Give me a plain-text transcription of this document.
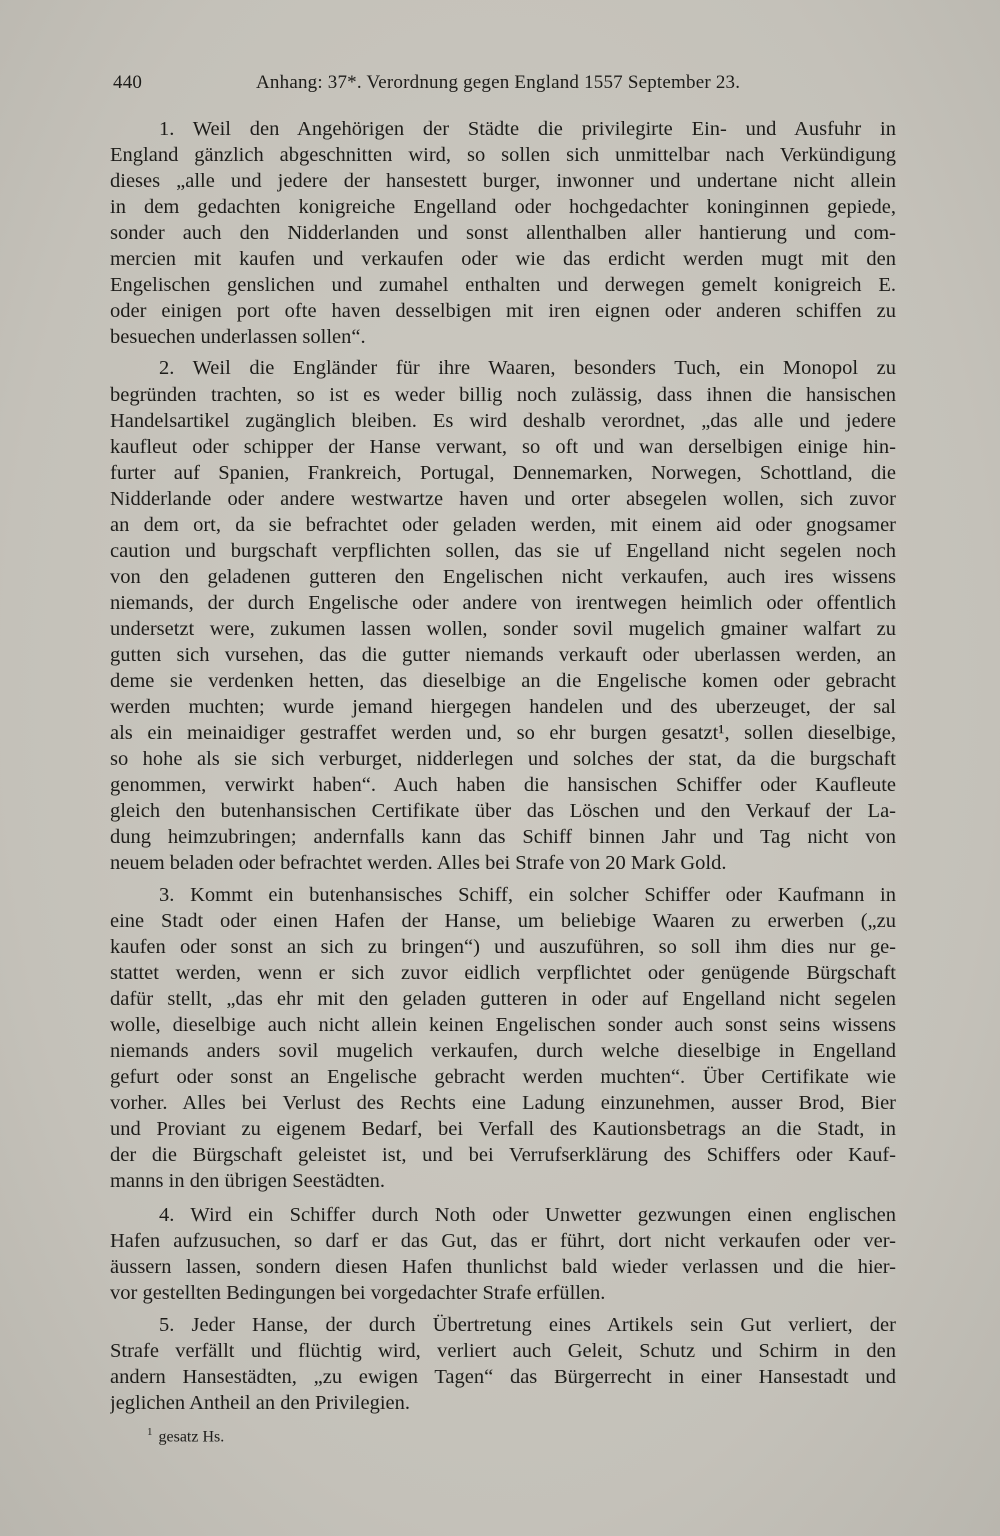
440	Anhang: 37*. Verordnung gegen England 1557 September 23.
1. Weil den Angehörigen der Städte die privilegirte Ein- und Ausfuhr in
England gänzlich abgeschnitten wird, so sollen sich unmittelbar nach Verkündigung
dieses „alle und jedere der hansestett burger, inwonner und undertane nicht allein
in dem gedachten konigreiche Engelland oder hochgedachter koninginnen gepiede,
sonder auch den Nidderlanden und sonst allenthalben aller hantierung und com-
mercien mit kaufen und verkaufen oder wie das erdicht werden mugt mit den
Engelischen genslichen und zumahel enthalten und derwegen gemelt konigreich E.
oder einigen port ofte haven desselbigen mit iren eignen oder anderen schiffen zu
besuechen underlassen sollen“.
2. Weil die Engländer für ihre Waaren, besonders Tuch, ein Monopol zu
begründen trachten, so ist es weder billig noch zulässig, dass ihnen die hansischen
Handelsartikel zugänglich bleiben. Es wird deshalb verordnet, „das alle und jedere
kaufleut oder schipper der Hanse verwant, so oft und wan derselbigen einige hin-
furter auf Spanien, Frankreich, Portugal, Dennemarken, Norwegen, Schottland, die
Nidderlande oder andere westwartze haven und orter absegelen wollen, sich zuvor
an dem ort, da sie befrachtet oder geladen werden, mit einem aid oder gnogsamer
caution und burgschaft verpflichten sollen, das sie uf Engelland nicht segelen noch
von den geladenen gutteren den Engelischen nicht verkaufen, auch ires wissens
niemands, der durch Engelische oder andere von irentwegen heimlich oder offentlich
undersetzt were, zukumen lassen wollen, sonder sovil mugelich gmainer walfart zu
gutten sich vursehen, das die gutter niemands verkauft oder uberlassen werden, an
deme sie verdenken hetten, das dieselbige an die Engelische komen oder gebracht
werden muchten; wurde jemand hiergegen handelen und des uberzeuget, der sal
als ein meinaidiger gestraffet werden und, so ehr burgen gesatzt¹, sollen dieselbige,
so hohe als sie sich verburget, nidderlegen und solches der stat, da die burgschaft
genommen, verwirkt haben“. Auch haben die hansischen Schiffer oder Kaufleute
gleich den butenhansischen Certifikate über das Löschen und den Verkauf der La-
dung heimzubringen; andernfalls kann das Schiff binnen Jahr und Tag nicht von
neuem beladen oder befrachtet werden. Alles bei Strafe von 20 Mark Gold.
3. Kommt ein butenhansisches Schiff, ein solcher Schiffer oder Kaufmann in
eine Stadt oder einen Hafen der Hanse, um beliebige Waaren zu erwerben („zu
kaufen oder sonst an sich zu bringen“) und auszuführen, so soll ihm dies nur ge-
stattet werden, wenn er sich zuvor eidlich verpflichtet oder genügende Bürgschaft
dafür stellt, „das ehr mit den geladen gutteren in oder auf Engelland nicht segelen
wolle, dieselbige auch nicht allein keinen Engelischen sonder auch sonst seins wissens
niemands anders sovil mugelich verkaufen, durch welche dieselbige in Engelland
gefurt oder sonst an Engelische gebracht werden muchten“. Über Certifikate wie
vorher. Alles bei Verlust des Rechts eine Ladung einzunehmen, ausser Brod, Bier
und Proviant zu eigenem Bedarf, bei Verfall des Kautionsbetrags an die Stadt, in
der die Bürgschaft geleistet ist, und bei Verrufserklärung des Schiffers oder Kauf-
manns in den übrigen Seestädten.
4. Wird ein Schiffer durch Noth oder Unwetter gezwungen einen englischen
Hafen aufzusuchen, so darf er das Gut, das er führt, dort nicht verkaufen oder ver-
äussern lassen, sondern diesen Hafen thunlichst bald wieder verlassen und die hier-
vor gestellten Bedingungen bei vorgedachter Strafe erfüllen.
5. Jeder Hanse, der durch Übertretung eines Artikels sein Gut verliert, der
Strafe verfällt und flüchtig wird, verliert auch Geleit, Schutz und Schirm in den
andern Hansestädten, „zu ewigen Tagen“ das Bürgerrecht in einer Hansestadt und
jeglichen Antheil an den Privilegien.
$^1$ gesatz Hs.
